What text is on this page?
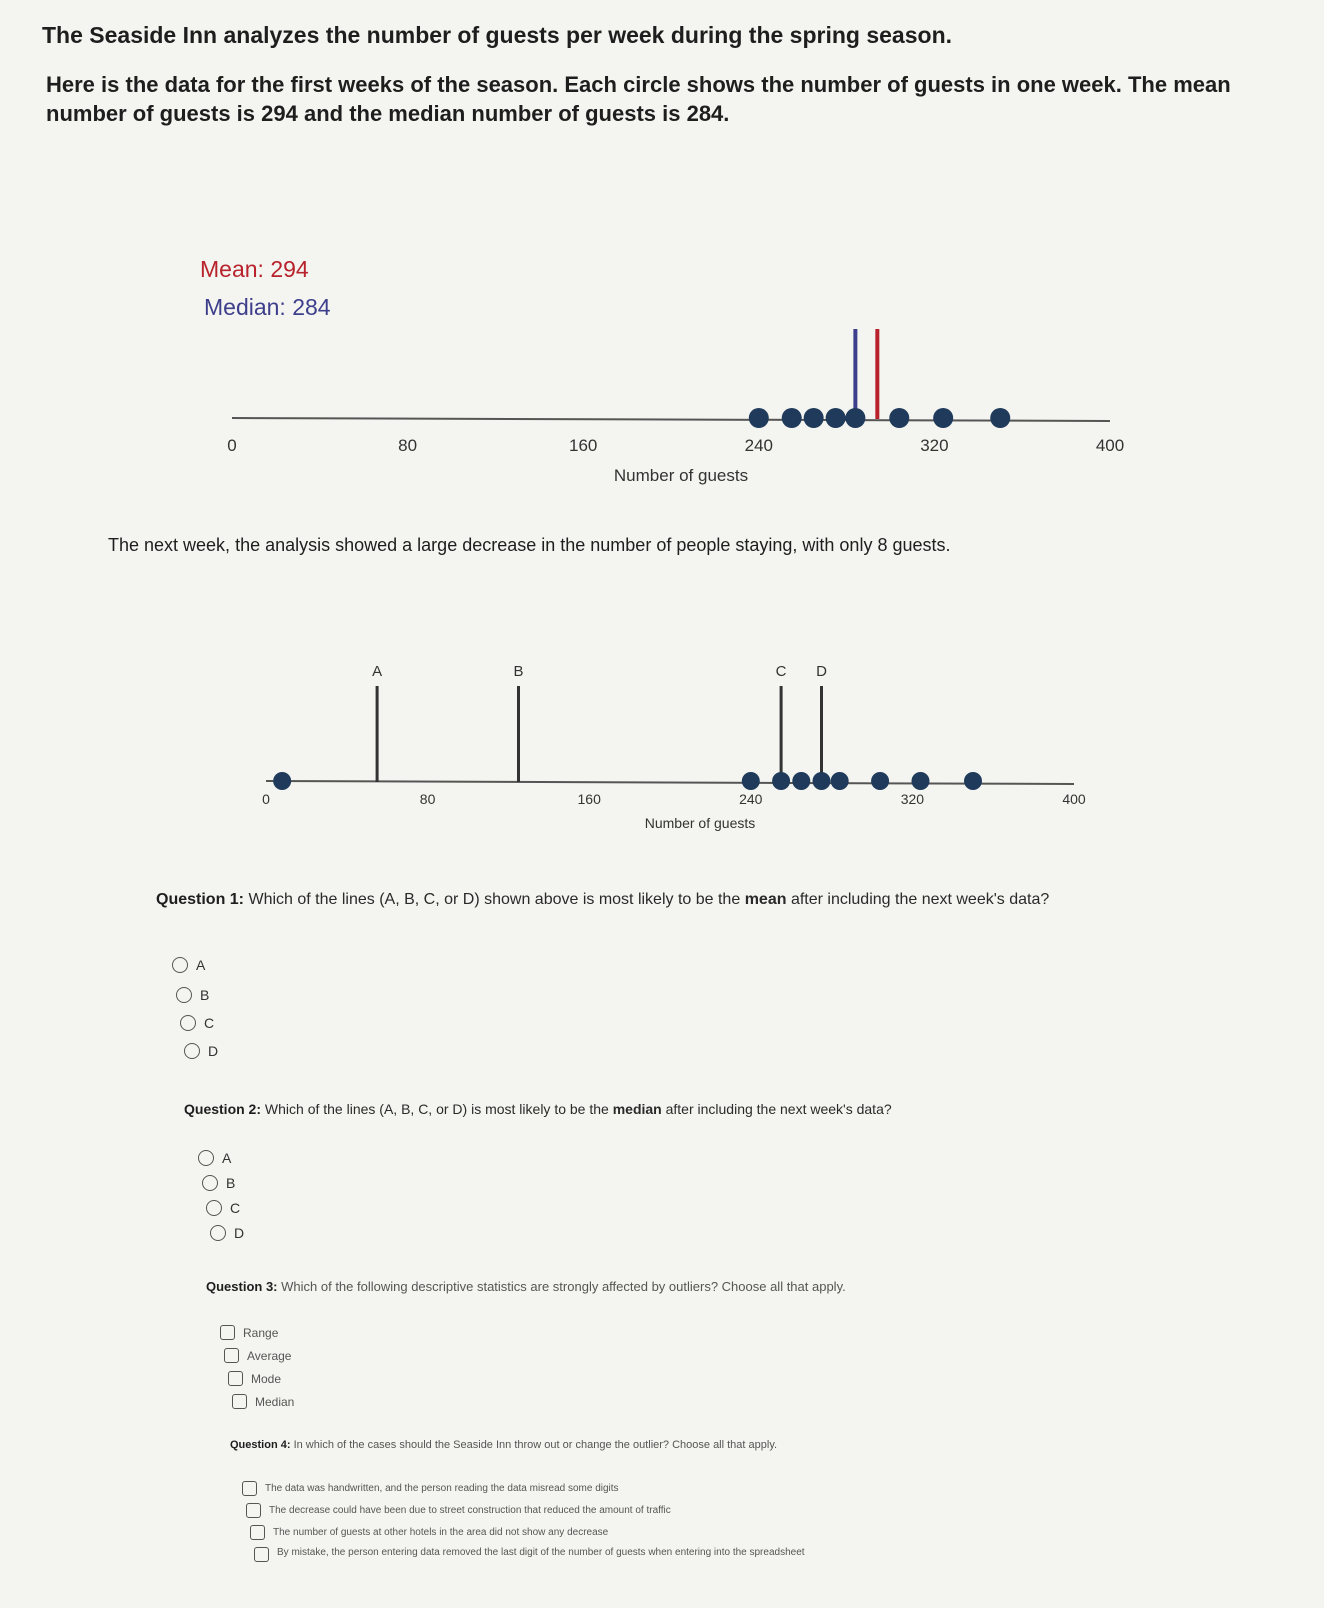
The Seaside Inn analyzes the number of guests per week during the spring season.
Here is the data for the first weeks of the season. Each circle shows the number of guests in one week. The mean number of guests is 294 and the median number of guests is 284.
Mean: 294
Median: 284
0	80	160	240	320	400
Number of guests
The next week, the analysis showed a large decrease in the number of people staying, with only 8 guests.
0	80	160	240	320	400
Number of guests
A	B	C D
Question 1: Which of the lines (A, B, C, or D) shown above is most likely to be the mean after including the next week's data?
A
B
C
D
Question 2: Which of the lines (A, B, C, or D) is most likely to be the median after including the next week's data?
A
B
C
D
Question 3: Which of the following descriptive statistics are strongly affected by outliers? Choose all that apply.
Range
Average
Mode
Median
Question 4: In which of the cases should the Seaside Inn throw out or change the outlier? Choose all that apply.
The data was handwritten, and the person reading the data misread some digits
The decrease could have been due to street construction that reduced the amount of traffic
The number of guests at other hotels in the area did not show any decrease
By mistake, the person entering data removed the last digit of the number of guests when entering into the spreadsheet
